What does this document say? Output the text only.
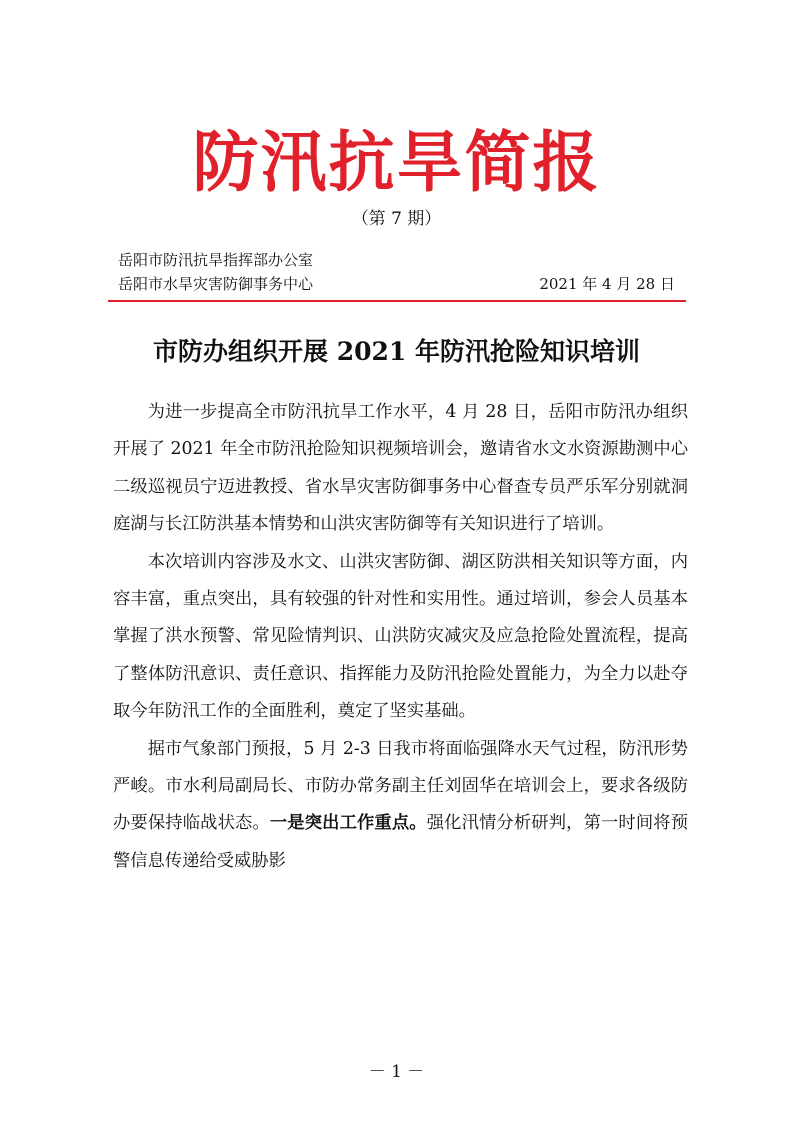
防汛抗旱简报
（第 7 期）
岳阳市防汛抗旱指挥部办公室
岳阳市水旱灾害防御事务中心	2021 年 4 月 28 日
市防办组织开展 2021 年防汛抢险知识培训

为进一步提高全市防汛抗旱工作水平，4 月 28 日，岳阳市防汛办组织开展了 2021 年全市防汛抢险知识视频培训会，邀请省水文水资源勘测中心二级巡视员宁迈进教授、省水旱灾害防御事务中心督查专员严乐军分别就洞庭湖与长江防洪基本情势和山洪灾害防御等有关知识进行了培训。

本次培训内容涉及水文、山洪灾害防御、湖区防洪相关知识等方面，内容丰富，重点突出，具有较强的针对性和实用性。通过培训，参会人员基本掌握了洪水预警、常见险情判识、山洪防灾减灾及应急抢险处置流程，提高了整体防汛意识、责任意识、指挥能力及防汛抢险处置能力，为全力以赴夺取今年防汛工作的全面胜利，奠定了坚实基础。

据市气象部门预报，5 月 2-3 日我市将面临强降水天气过程，防汛形势严峻。市水利局副局长、市防办常务副主任刘固华在培训会上，要求各级防办要保持临战状态。一是突出工作重点。强化汛情分析研判，第一时间将预警信息传递给受威胁影

－ 1 －
